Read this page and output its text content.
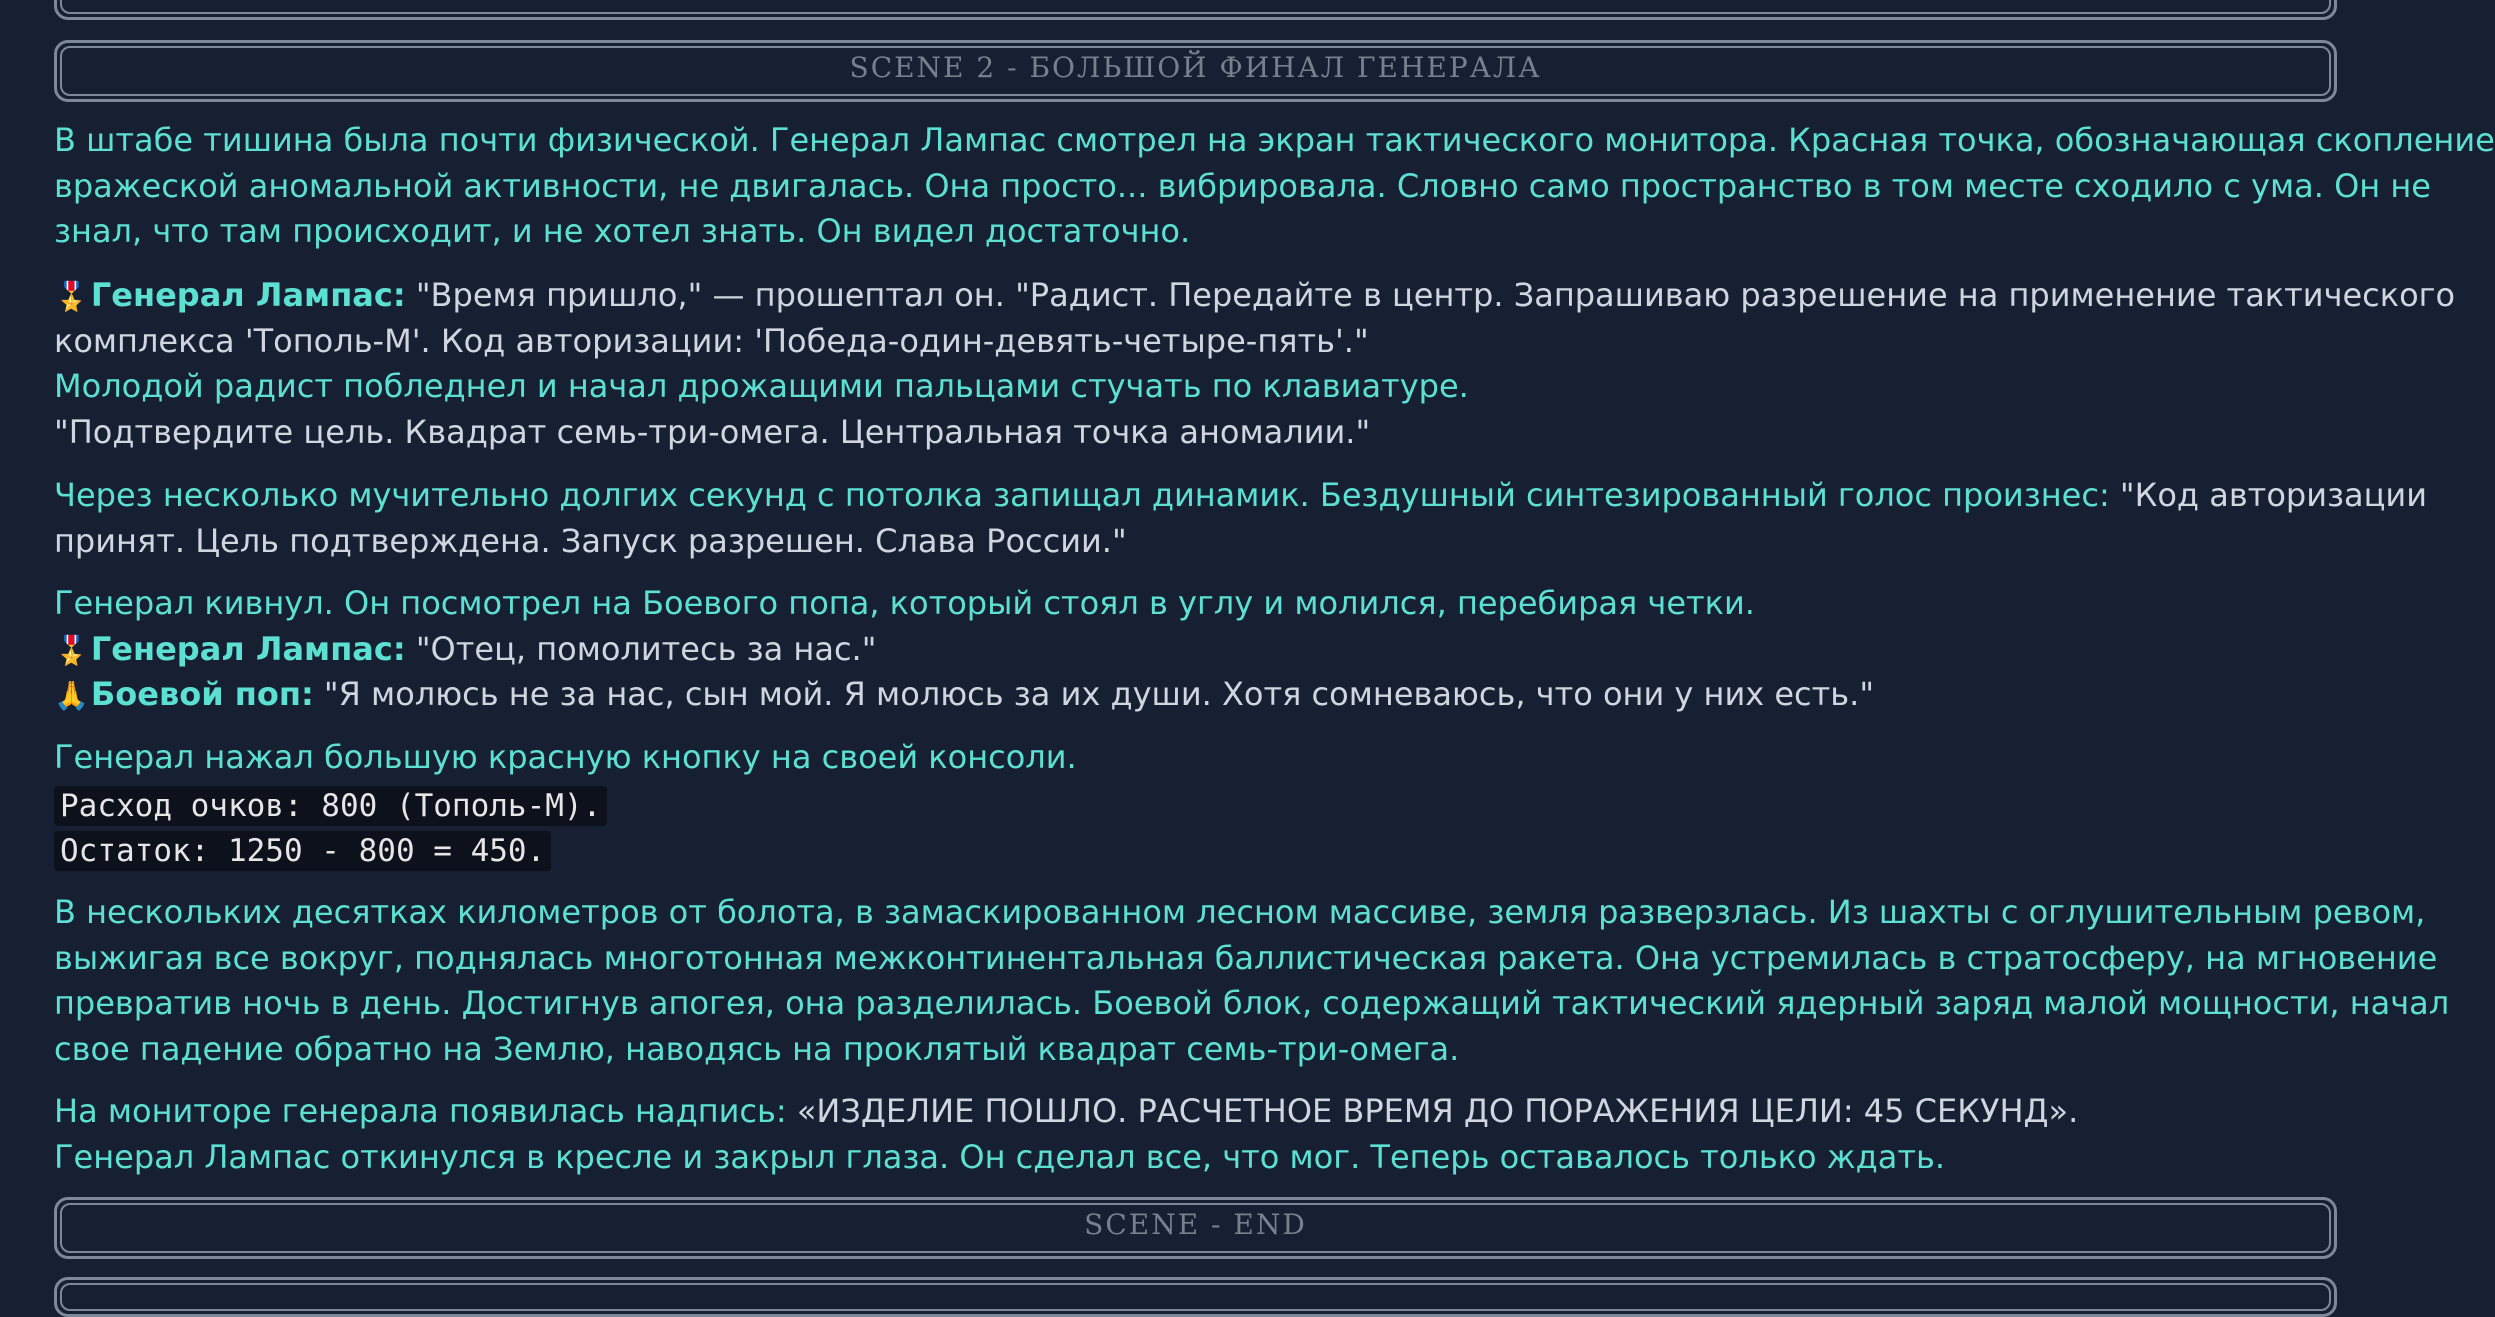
SCENE 2 - БОЛЬШОЙ ФИНАЛ ГЕНЕРАЛА
В штабе тишина была почти физической. Генерал Лампас смотрел на экран тактического монитора. Красная точка, обозначающая скопление
вражеской аномальной активности, не двигалась. Она просто... вибрировала. Словно само пространство в том месте сходило с ума. Он не
знал, что там происходит, и не хотел знать. Он видел достаточно.
🎖️Генерал Лампас: "Время пришло," — прошептал он. "Радист. Передайте в центр. Запрашиваю разрешение на применение тактического
комплекса 'Тополь-М'. Код авторизации: 'Победа-один-девять-четыре-пять'."
Молодой радист побледнел и начал дрожащими пальцами стучать по клавиатуре.
"Подтвердите цель. Квадрат семь-три-омега. Центральная точка аномалии."
Через несколько мучительно долгих секунд с потолка запищал динамик. Бездушный синтезированный голос произнес: "Код авторизации
принят. Цель подтверждена. Запуск разрешен. Слава России."
Генерал кивнул. Он посмотрел на Боевого попа, который стоял в углу и молился, перебирая четки.
🎖️Генерал Лампас: "Отец, помолитесь за нас."
🙏Боевой поп: "Я молюсь не за нас, сын мой. Я молюсь за их души. Хотя сомневаюсь, что они у них есть."
Генерал нажал большую красную кнопку на своей консоли.
Расход очков: 800 (Тополь-М).
Остаток: 1250 - 800 = 450.
В нескольких десятках километров от болота, в замаскированном лесном массиве, земля разверзлась. Из шахты с оглушительным ревом,
выжигая все вокруг, поднялась многотонная межконтинентальная баллистическая ракета. Она устремилась в стратосферу, на мгновение
превратив ночь в день. Достигнув апогея, она разделилась. Боевой блок, содержащий тактический ядерный заряд малой мощности, начал
свое падение обратно на Землю, наводясь на проклятый квадрат семь-три-омега.
На мониторе генерала появилась надпись: «ИЗДЕЛИЕ ПОШЛО. РАСЧЕТНОЕ ВРЕМЯ ДО ПОРАЖЕНИЯ ЦЕЛИ: 45 СЕКУНД».
Генерал Лампас откинулся в кресле и закрыл глаза. Он сделал все, что мог. Теперь оставалось только ждать.
SCENE - END
